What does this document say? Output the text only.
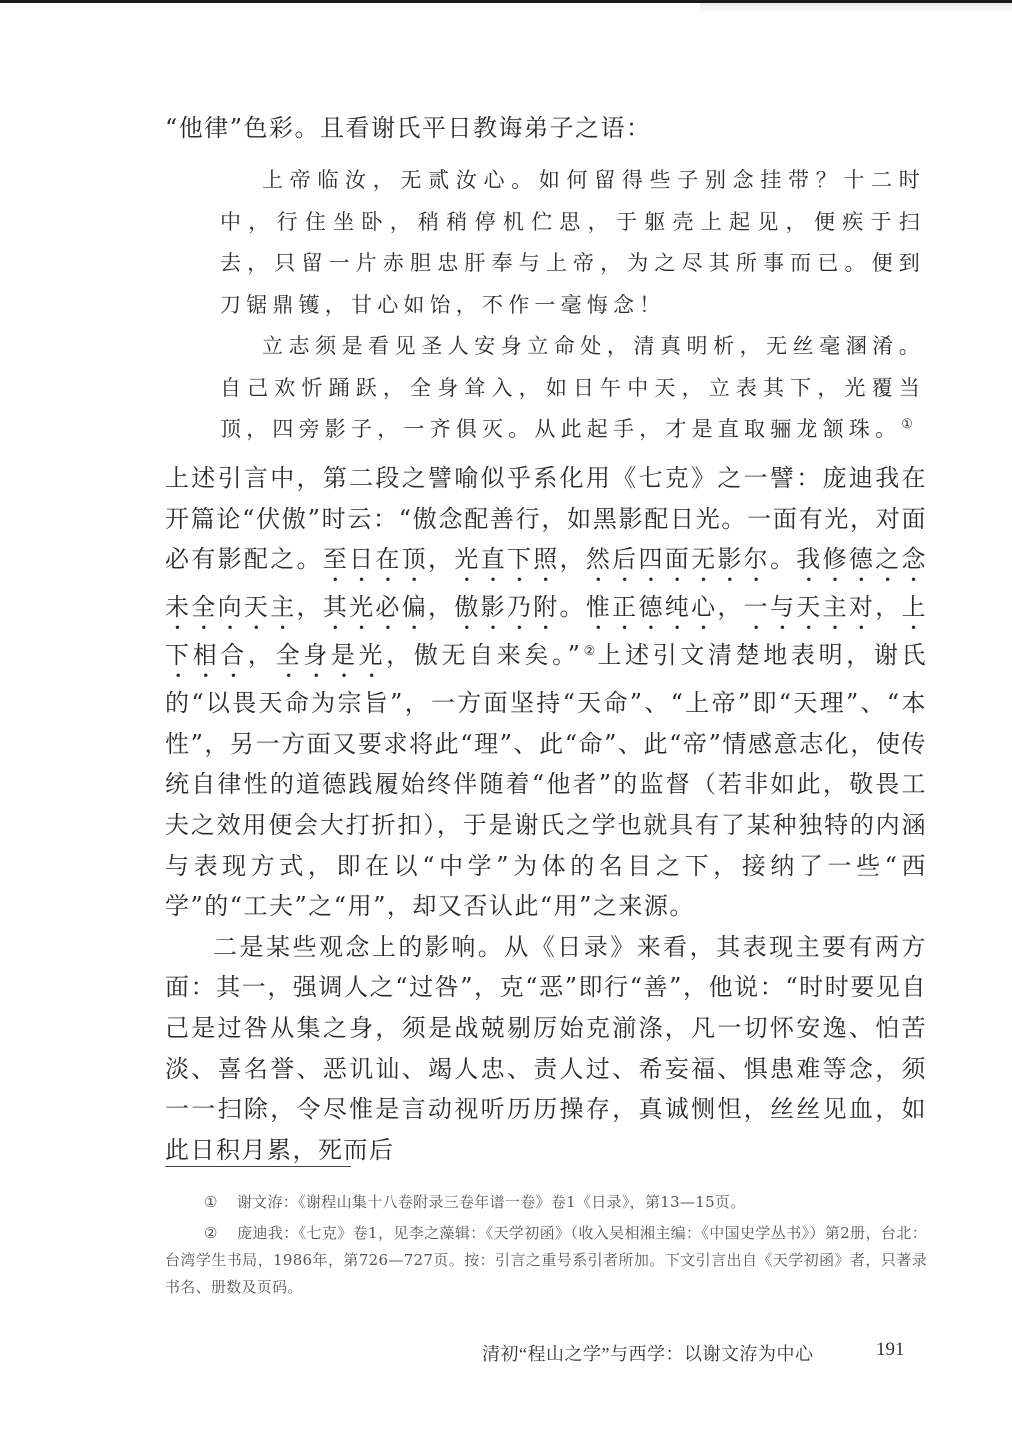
“他律”色彩。且看谢氏平日教诲弟子之语：

上帝临汝，无贰汝心。如何留得些子别念挂带？十二时中，行住坐卧，稍稍停机伫思，于躯壳上起见，便疾于扫去，只留一片赤胆忠肝奉与上帝，为之尽其所事而已。便到刀锯鼎镬，甘心如饴，不作一毫悔念！

立志须是看见圣人安身立命处，清真明析，无丝毫溷淆。自己欢忻踊跃，全身耸入，如日午中天，立表其下，光覆当顶，四旁影子，一齐俱灭。从此起手，才是直取骊龙颔珠。①

上述引言中，第二段之譬喻似乎系化用《七克》之一譬：庞迪我在开篇论“伏傲”时云：“傲念配善行，如黑影配日光。一面有光，对面必有影配之。至日在顶，光直下照，然后四面无影尔。我修德之念未全向天主，其光必偏，傲影乃附。惟正德纯心，一与天主对，上下相合，全身是光，傲无自来矣。”②上述引文清楚地表明，谢氏的“以畏天命为宗旨”，一方面坚持“天命”、“上帝”即“天理”、“本性”，另一方面又要求将此“理”、此“命”、此“帝”情感意志化，使传统自律性的道德践履始终伴随着“他者”的监督（若非如此，敬畏工夫之效用便会大打折扣），于是谢氏之学也就具有了某种独特的内涵与表现方式，即在以“中学”为体的名目之下，接纳了一些“西学”的“工夫”之“用”，却又否认此“用”之来源。

二是某些观念上的影响。从《日录》来看，其表现主要有两方面：其一，强调人之“过咎”，克“恶”即行“善”，他说：“时时要见自己是过咎从集之身，须是战兢剔厉始克湔涤，凡一切怀安逸、怕苦淡、喜名誉、恶讥讪、竭人忠、责人过、希妄福、惧患难等念，须一一扫除，令尽惟是言动视听历历操存，真诚恻怛，丝丝见血，如此日积月累，死而后

① 谢文洊：《谢程山集十八卷附录三卷年谱一卷》卷1《日录》，第13—15页。

② 庞迪我：《七克》卷1，见李之藻辑：《天学初函》（收入吴相湘主编：《中国史学丛书》）第2册，台北：台湾学生书局，1986年，第726—727页。按：引言之重号系引者所加。下文引言出自《天学初函》者，只著录书名、册数及页码。

清初“程山之学”与西学：以谢文洊为中心	191
